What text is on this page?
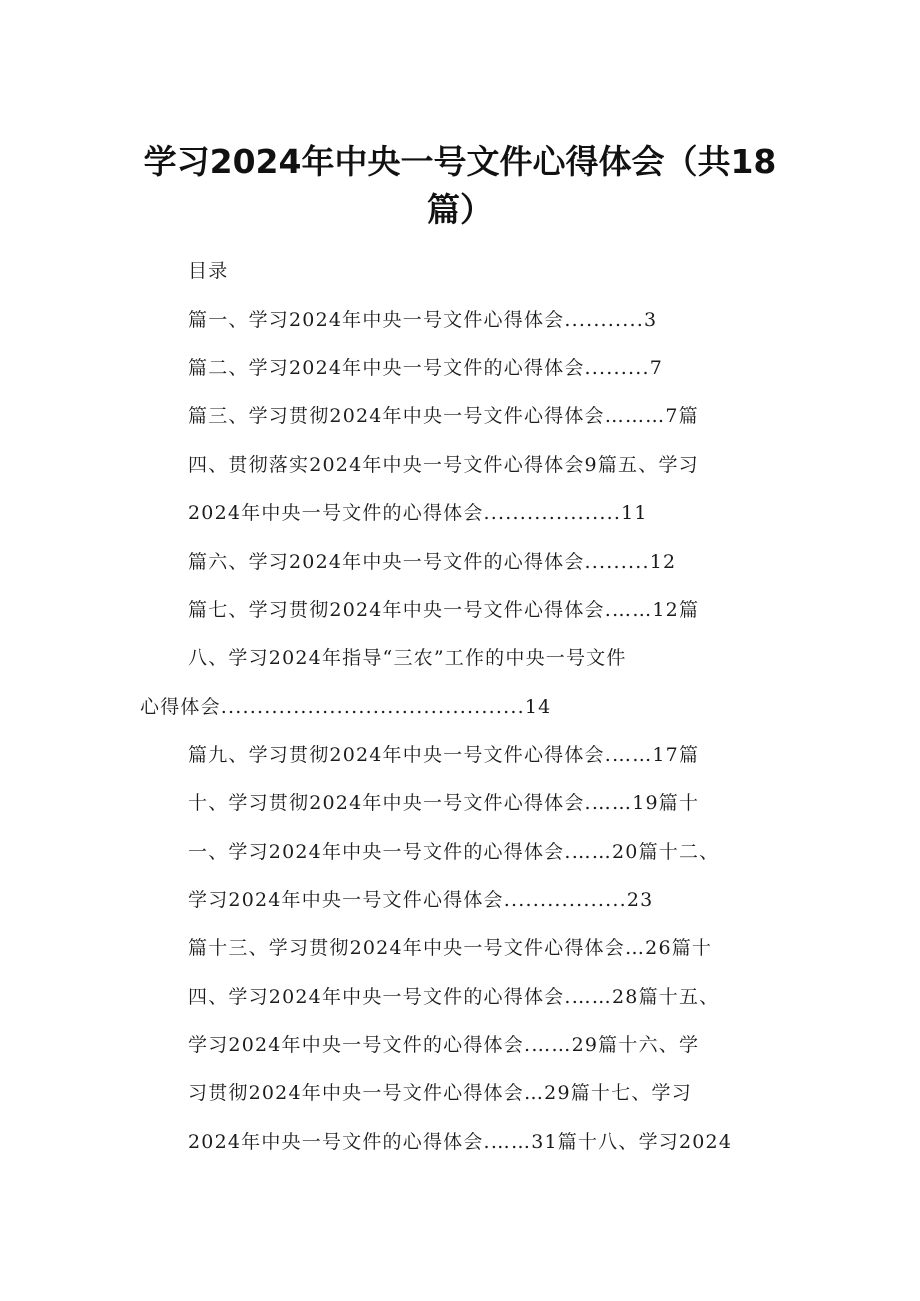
学习2024年中央一号文件心得体会（共18
篇）
目录
篇一、学习2024年中央一号文件心得体会...........3
篇二、学习2024年中央一号文件的心得体会.........7
篇三、学习贯彻2024年中央一号文件心得体会………7篇
四、贯彻落实2024年中央一号文件心得体会9篇五、学习
2024年中央一号文件的心得体会...................11
篇六、学习2024年中央一号文件的心得体会.........12
篇七、学习贯彻2024年中央一号文件心得体会.……12篇
八、学习2024年指导“三农”工作的中央一号文件
心得体会..........................................14
篇九、学习贯彻2024年中央一号文件心得体会.……17篇
十、学习贯彻2024年中央一号文件心得体会.……19篇十
一、学习2024年中央一号文件的心得体会.……20篇十二、
学习2024年中央一号文件心得体会.................23
篇十三、学习贯彻2024年中央一号文件心得体会…26篇十
四、学习2024年中央一号文件的心得体会.……28篇十五、
学习2024年中央一号文件的心得体会.……29篇十六、学
习贯彻2024年中央一号文件心得体会…29篇十七、学习
2024年中央一号文件的心得体会.……31篇十八、学习2024
